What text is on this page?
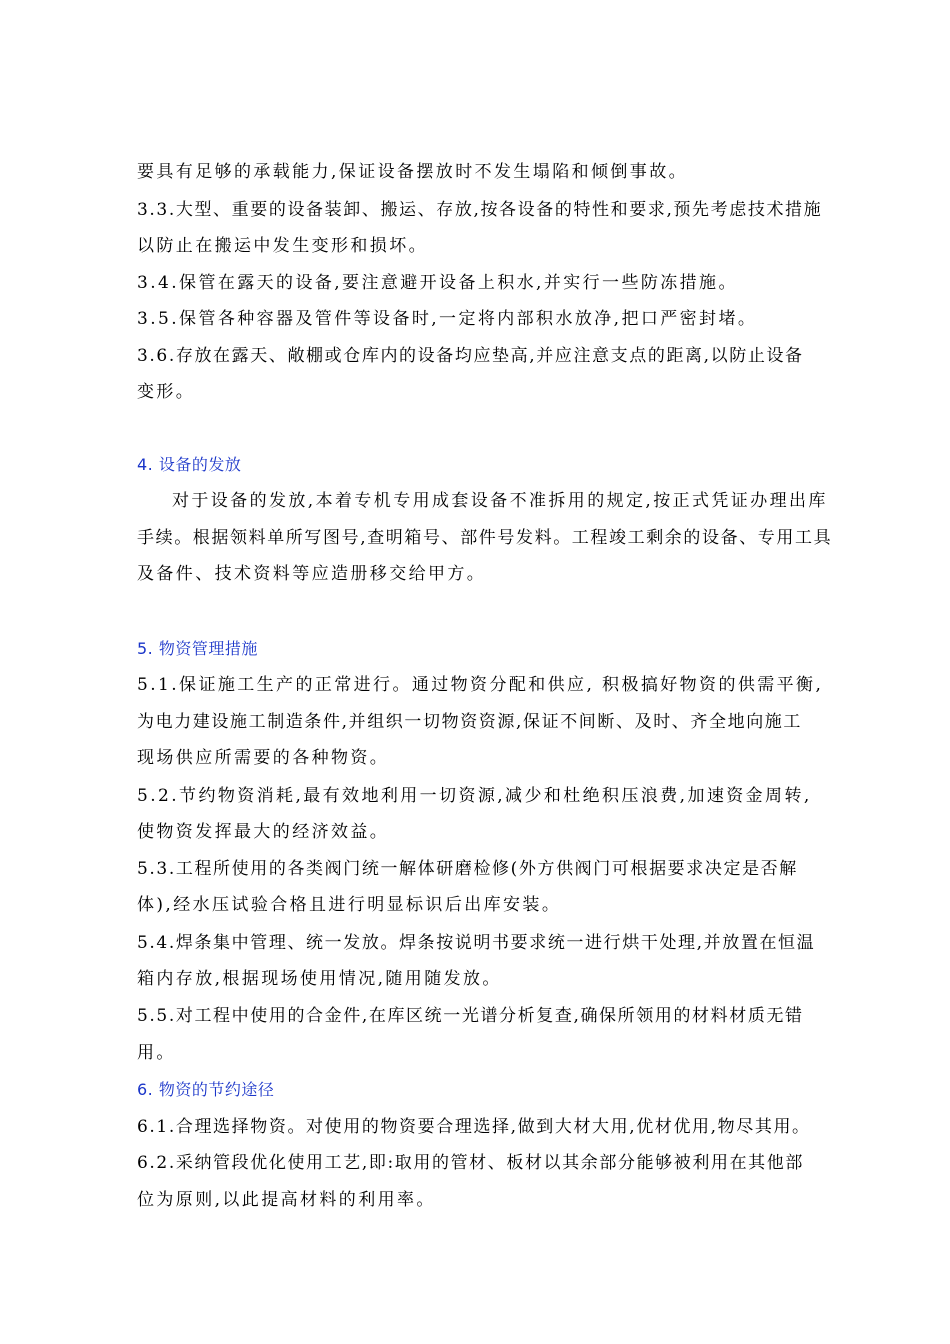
要具有足够的承载能力,保证设备摆放时不发生塌陷和倾倒事故。
3.3.大型、重要的设备装卸、搬运、存放,按各设备的特性和要求,预先考虑技术措施
以防止在搬运中发生变形和损坏。
3.4.保管在露天的设备,要注意避开设备上积水,并实行一些防冻措施。
3.5.保管各种容器及管件等设备时,一定将内部积水放净,把口严密封堵。
3.6.存放在露天、敞棚或仓库内的设备均应垫高,并应注意支点的距离,以防止设备
变形。
4. 设备的发放
对于设备的发放,本着专机专用成套设备不准拆用的规定,按正式凭证办理出库
手续。根据领料单所写图号,查明箱号、部件号发料。工程竣工剩余的设备、专用工具
及备件、技术资料等应造册移交给甲方。
5. 物资管理措施
5.1.保证施工生产的正常进行。通过物资分配和供应, 积极搞好物资的供需平衡,
为电力建设施工制造条件,并组织一切物资资源,保证不间断、及时、齐全地向施工
现场供应所需要的各种物资。
5.2.节约物资消耗,最有效地利用一切资源,减少和杜绝积压浪费,加速资金周转,
使物资发挥最大的经济效益。
5.3.工程所使用的各类阀门统一解体研磨检修(外方供阀门可根据要求决定是否解
体),经水压试验合格且进行明显标识后出库安装。
5.4.焊条集中管理、统一发放。焊条按说明书要求统一进行烘干处理,并放置在恒温
箱内存放,根据现场使用情况,随用随发放。
5.5.对工程中使用的合金件,在库区统一光谱分析复查,确保所领用的材料材质无错
用。
6. 物资的节约途径
6.1.合理选择物资。对使用的物资要合理选择,做到大材大用,优材优用,物尽其用。
6.2.采纳管段优化使用工艺,即:取用的管材、板材以其余部分能够被利用在其他部
位为原则,以此提高材料的利用率。
